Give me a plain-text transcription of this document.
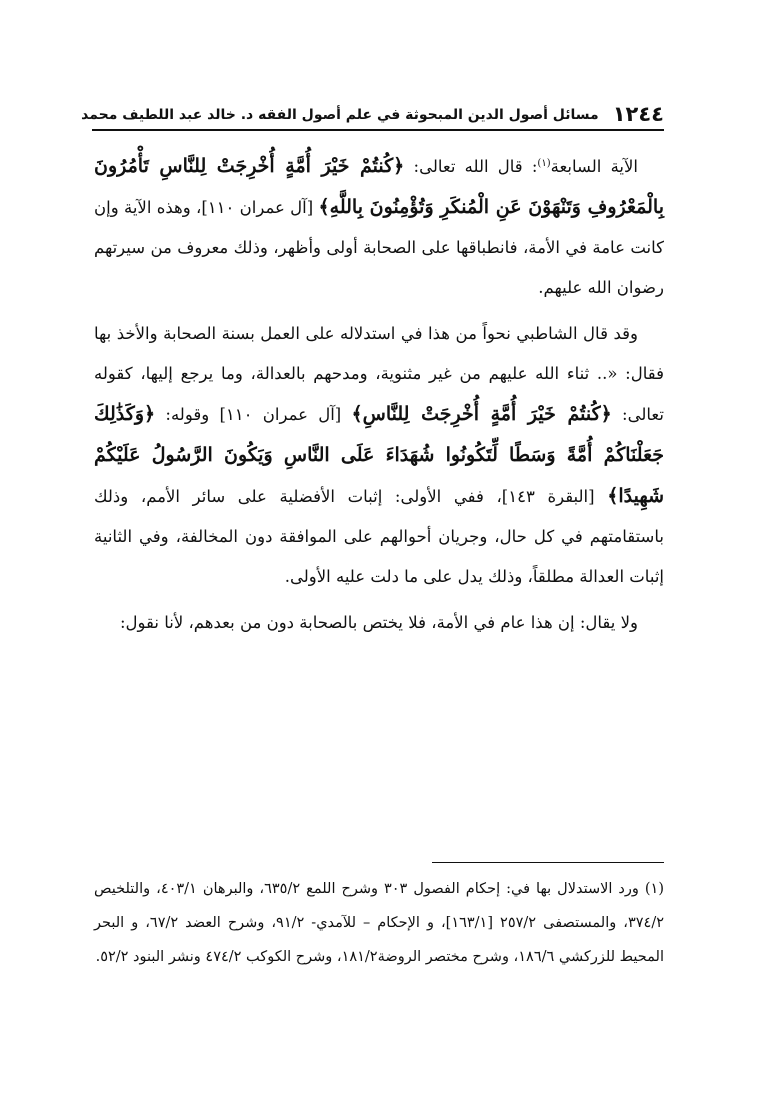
١٢٤٤مسائل أصول الدين المبحوثة في علم أصول الفقه د. خالد عبد اللطيف محمد

الآية السابعة$^{(١)}$: قال الله تعالى: ﴿كُنتُمْ خَيْرَ أُمَّةٍ أُخْرِجَتْ لِلنَّاسِ تَأْمُرُونَ بِالْمَعْرُوفِ وَتَنْهَوْنَ عَنِ الْمُنكَرِ وَتُؤْمِنُونَ بِاللَّهِ﴾ [آل عمران ١١٠]، وهذه الآية وإن كانت عامة في الأمة، فانطباقها على الصحابة أولى وأظهر، وذلك معروف من سيرتهم رضوان الله عليهم.

وقد قال الشاطبي نحواً من هذا في استدلاله على العمل بسنة الصحابة والأخذ بها فقال: «.. ثناء الله عليهم من غير مثنوية، ومدحهم بالعدالة، وما يرجع إليها، كقوله تعالى: ﴿كُنتُمْ خَيْرَ أُمَّةٍ أُخْرِجَتْ لِلنَّاسِ﴾ [آل عمران ١١٠] وقوله: ﴿وَكَذَٰلِكَ جَعَلْنَاكُمْ أُمَّةً وَسَطًا لِّتَكُونُوا شُهَدَاءَ عَلَى النَّاسِ وَيَكُونَ الرَّسُولُ عَلَيْكُمْ شَهِيدًا﴾ [البقرة ١٤٣]، ففي الأولى: إثبات الأفضلية على سائر الأمم، وذلك باستقامتهم في كل حال، وجريان أحوالهم على الموافقة دون المخالفة، وفي الثانية إثبات العدالة مطلقاً، وذلك يدل على ما دلت عليه الأولى.

ولا يقال: إن هذا عام في الأمة، فلا يختص بالصحابة دون من بعدهم، لأنا نقول:

(١) ورد الاستدلال بها في: إحكام الفصول ٣٠٣ وشرح اللمع ٦٣٥/٢، والبرهان ٤٠٣/١، والتلخيص ٣٧٤/٢، والمستصفى ٢٥٧/٢ [١٦٣/١]، و الإحكام – للآمدي- ٩١/٢، وشرح العضد ٦٧/٢، و البحر المحيط للزركشي ١٨٦/٦، وشرح مختصر الروضة١٨١/٢، وشرح الكوكب ٤٧٤/٢ ونشر البنود ٥٢/٢.
